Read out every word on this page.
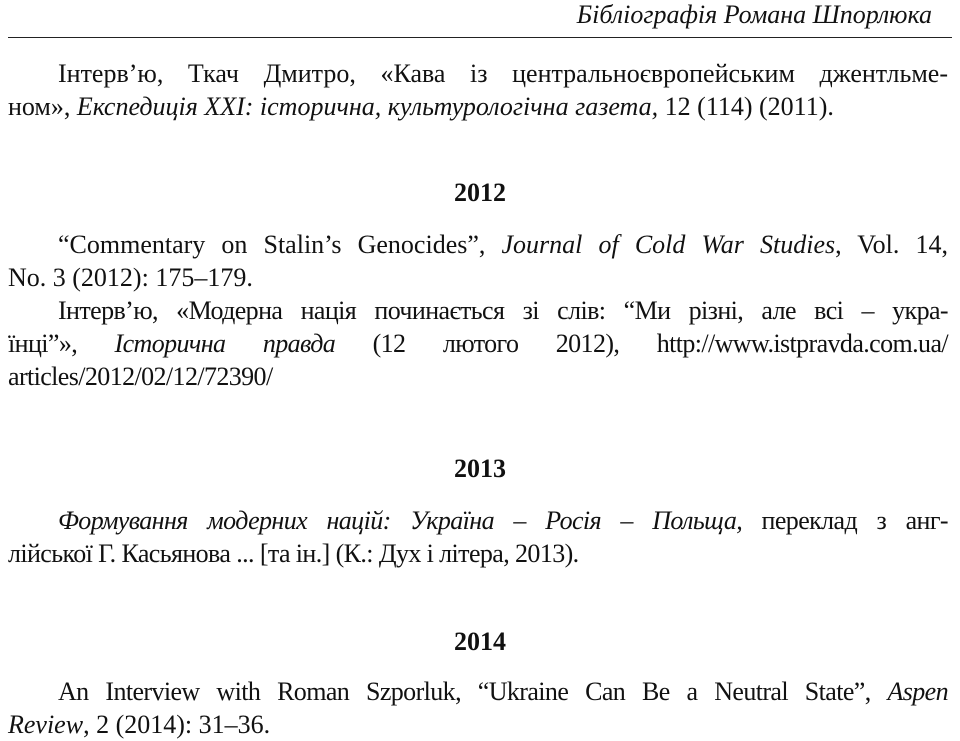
Бібліографія Романа Шпорлюка
Інтерв’ю, Ткач Дмитро, «Кава із центральноєвропейським джентльме-
ном», Експедиція XXI: історична, культурологічна газета, 12 (114) (2011).
2012
“Commentary on Stalin’s Genocides”, Journal of Cold War Studies, Vol. 14,
No. 3 (2012): 175–179.
Інтерв’ю, «Модерна нація починається зі слів: “Ми різні, але всі – укра-
їнці”», Історична правда (12 лютого 2012), http://www.istpravda.com.ua/
articles/2012/02/12/72390/
2013
Формування модерних націй: Україна – Росія – Польща, переклад з анг-
лійської Г. Касьянова ... [та ін.] (К.: Дух і літера, 2013).
2014
An Interview with Roman Szporluk, “Ukraine Can Be a Neutral State”, Aspen
Review, 2 (2014): 31–36.
